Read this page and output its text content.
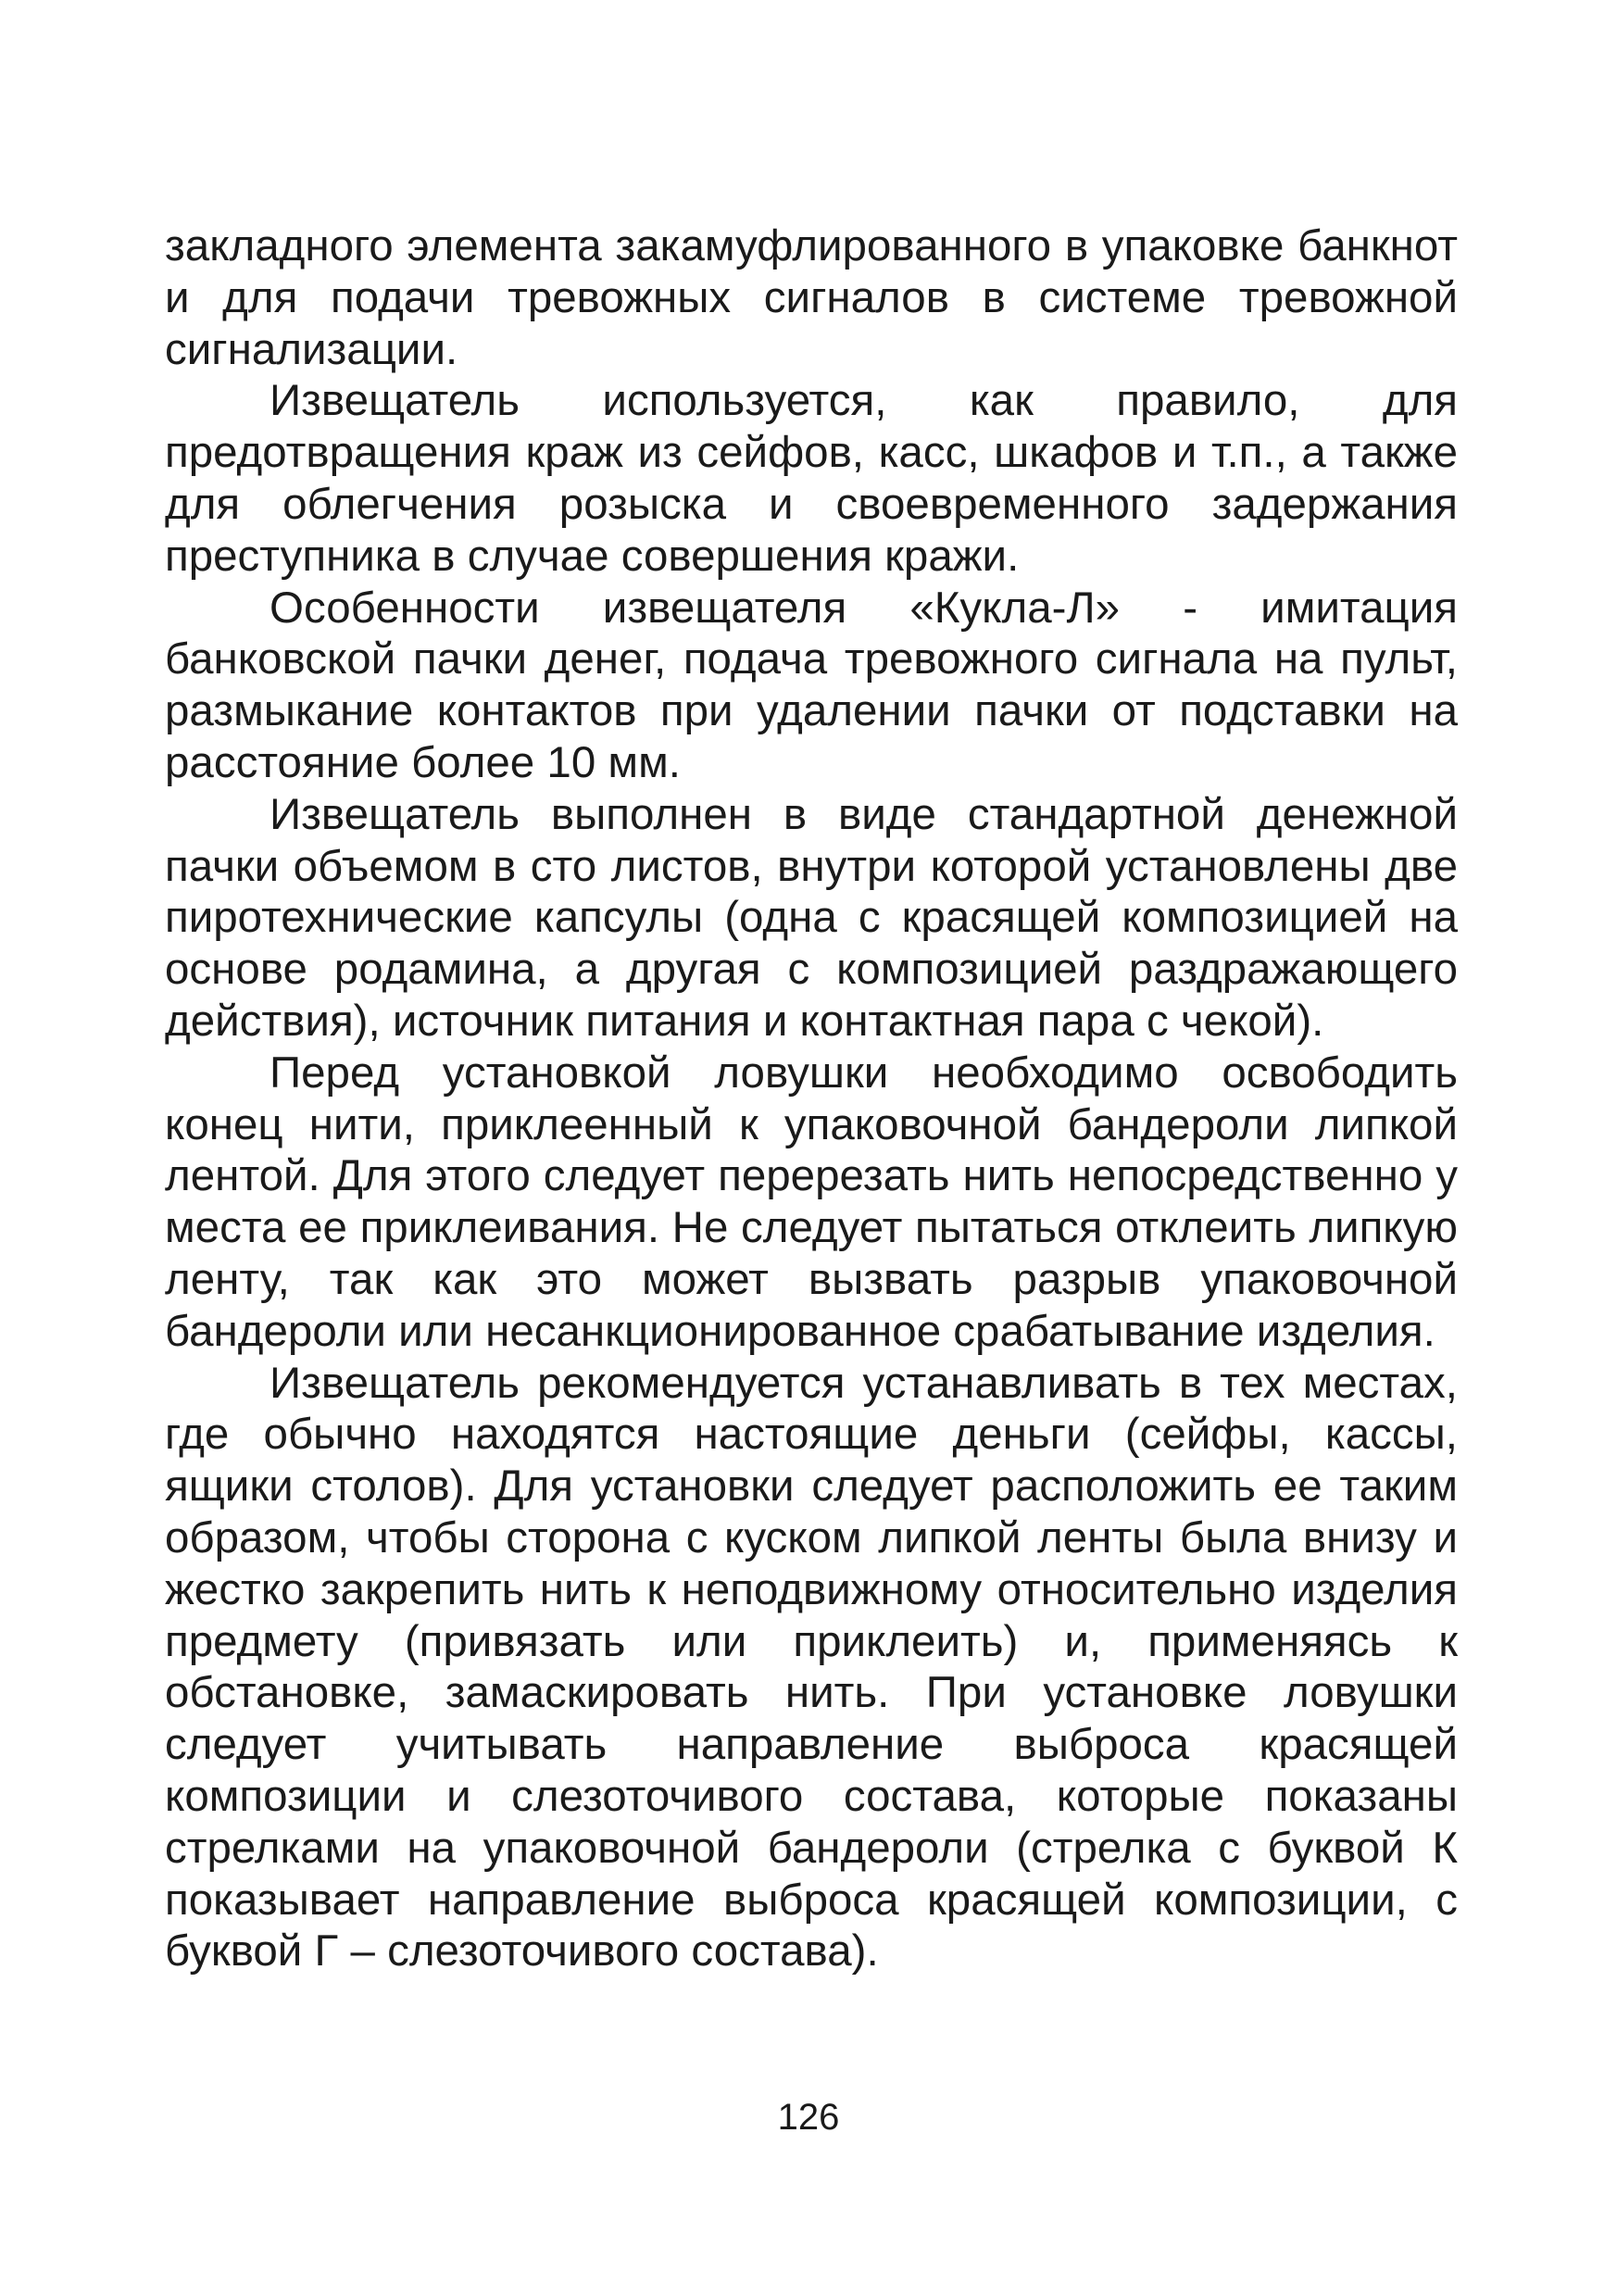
закладного элемента закамуфлированного в упаковке банкнот и для подачи тревожных сигналов в системе тревожной сигнализации.

Извещатель используется, как правило, для предотвращения краж из сейфов, касс, шкафов и т.п., а также для облегчения розыска и своевременного задержания преступника в случае совершения кражи.

Особенности извещателя «Кукла-Л» - имитация банковской пачки денег, подача тревожного сигнала на пульт, размыкание контактов при удалении пачки от подставки на расстояние более 10 мм.

Извещатель выполнен в виде стандартной денежной пачки объемом в сто листов, внутри которой установлены две пиротехнические капсулы (одна с красящей композицией на основе родамина, а другая с композицией раздражающего действия), источник питания и контактная пара с чекой).

Перед установкой ловушки необходимо освободить конец нити, приклеенный к упаковочной бандероли липкой лентой. Для этого следует перерезать нить непосредственно у места ее приклеивания. Не следует пытаться отклеить липкую ленту, так как это может вызвать разрыв упаковочной бандероли или несанкционированное срабатывание изделия.

Извещатель рекомендуется устанавливать в тех местах, где обычно находятся настоящие деньги (сейфы, кассы, ящики столов). Для установки следует расположить ее таким образом, чтобы сторона с куском липкой ленты была внизу и жестко закрепить нить к неподвижному относительно изделия предмету (привязать или приклеить) и, применяясь к обстановке, замаскировать нить. При установке ловушки следует учитывать направление выброса красящей композиции и слезоточивого состава, которые показаны стрелками на упаковочной бандероли (стрелка с буквой К показывает направление выброса красящей композиции, с буквой Г – слезоточивого состава).

126
